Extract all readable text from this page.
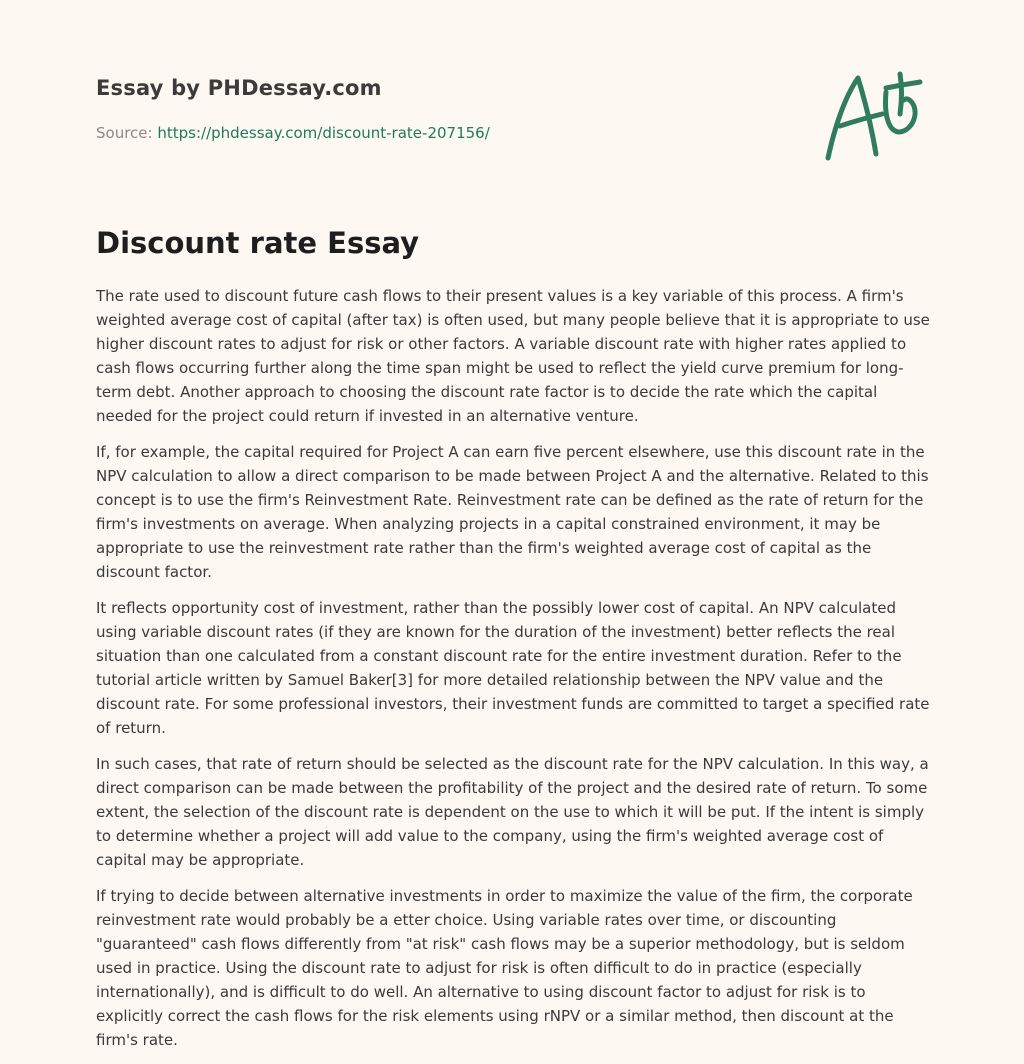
Essay by PHDessay.com
Source: https://phdessay.com/discount-rate-207156/
Discount rate Essay

The rate used to discount future cash flows to their present values is a key variable of this process. A firm's weighted average cost of capital (after tax) is often used, but many people believe that it is appropriate to use higher discount rates to adjust for risk or other factors. A variable discount rate with higher rates applied to cash flows occurring further along the time span might be used to reflect the yield curve premium for long-term debt. Another approach to choosing the discount rate factor is to decide the rate which the capital needed for the project could return if invested in an alternative venture.

If, for example, the capital required for Project A can earn five percent elsewhere, use this discount rate in the NPV calculation to allow a direct comparison to be made between Project A and the alternative. Related to this concept is to use the firm's Reinvestment Rate. Reinvestment rate can be defined as the rate of return for the firm's investments on average. When analyzing projects in a capital constrained environment, it may be appropriate to use the reinvestment rate rather than the firm's weighted average cost of capital as the discount factor.

It reflects opportunity cost of investment, rather than the possibly lower cost of capital. An NPV calculated using variable discount rates (if they are known for the duration of the investment) better reflects the real situation than one calculated from a constant discount rate for the entire investment duration. Refer to the tutorial article written by Samuel Baker[3] for more detailed relationship between the NPV value and the discount rate. For some professional investors, their investment funds are committed to target a specified rate of return.

In such cases, that rate of return should be selected as the discount rate for the NPV calculation. In this way, a direct comparison can be made between the profitability of the project and the desired rate of return. To some extent, the selection of the discount rate is dependent on the use to which it will be put. If the intent is simply to determine whether a project will add value to the company, using the firm's weighted average cost of capital may be appropriate.

If trying to decide between alternative investments in order to maximize the value of the firm, the corporate reinvestment rate would probably be a etter choice. Using variable rates over time, or discounting "guaranteed" cash flows differently from "at risk" cash flows may be a superior methodology, but is seldom used in practice. Using the discount rate to adjust for risk is often difficult to do in practice (especially internationally), and is difficult to do well. An alternative to using discount factor to adjust for risk is to explicitly correct the cash flows for the risk elements using rNPV or a similar method, then discount at the firm's rate.
